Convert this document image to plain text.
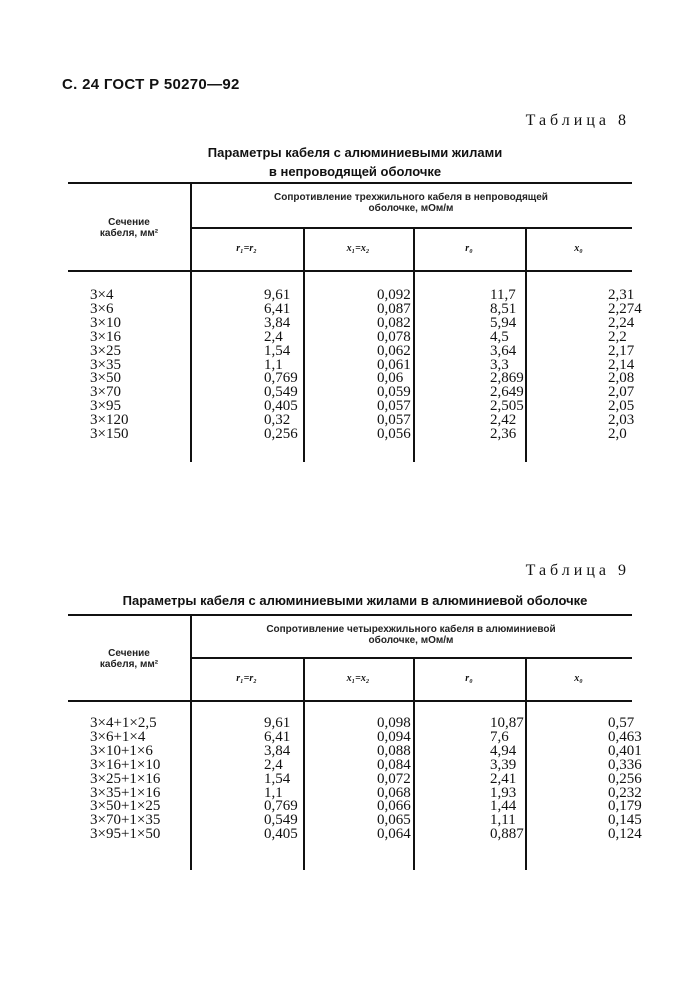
С. 24 ГОСТ Р 50270—92
Таблица 8
Параметры кабеля с алюминиевыми жилами
в непроводящей оболочке
Сечение
кабеля, мм²
Сопротивление трехжильного кабеля в непроводящей
оболочке, мОм/м
r₁=r₂	x₁=x₂	r₀	x₀
3×4	9,61	0,092	11,7	2,31
3×6	6,41	0,087	8,51	2,274
3×10	3,84	0,082	5,94	2,24
3×16	2,4	0,078	4,5	2,2
3×25	1,54	0,062	3,64	2,17
3×35	1,1	0,061	3,3	2,14
3×50	0,769	0,06	2,869	2,08
3×70	0,549	0,059	2,649	2,07
3×95	0,405	0,057	2,505	2,05
3×120	0,32	0,057	2,42	2,03
3×150	0,256	0,056	2,36	2,0
Таблица 9
Параметры кабеля с алюминиевыми жилами в алюминиевой оболочке
Сечение
кабеля, мм²
Сопротивление четырехжильного кабеля в алюминиевой
оболочке, мОм/м
r₁=r₂	x₁=x₂	r₀	x₀
3×4+1×2,5	9,61	0,098	10,87	0,57
3×6+1×4	6,41	0,094	7,6	0,463
3×10+1×6	3,84	0,088	4,94	0,401
3×16+1×10	2,4	0,084	3,39	0,336
3×25+1×16	1,54	0,072	2,41	0,256
3×35+1×16	1,1	0,068	1,93	0,232
3×50+1×25	0,769	0,066	1,44	0,179
3×70+1×35	0,549	0,065	1,11	0,145
3×95+1×50	0,405	0,064	0,887	0,124
